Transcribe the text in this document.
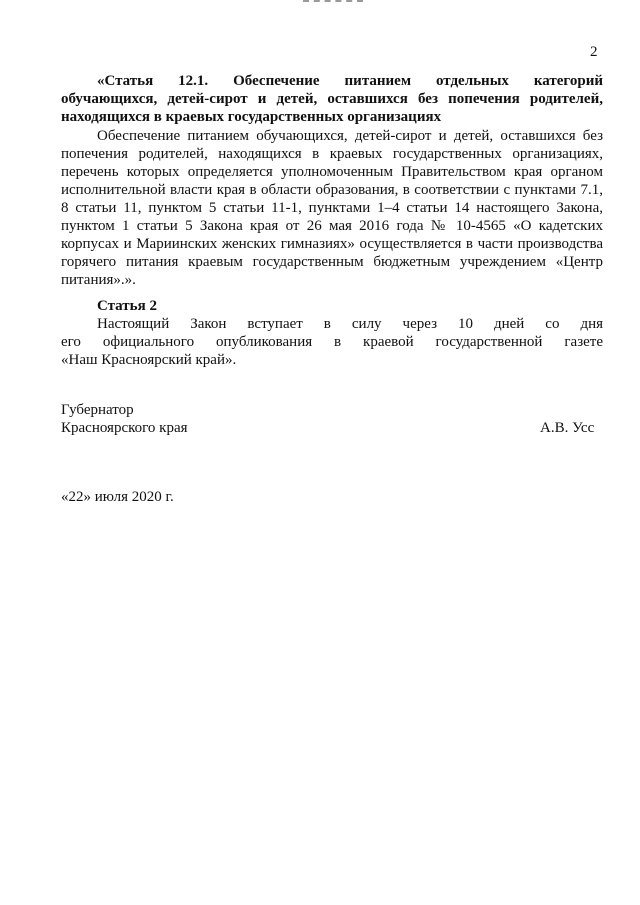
2
«Статья 12.1. Обеспечение питанием отдельных категорий
обучающихся, детей-сирот и детей, оставшихся без попечения родителей,
находящихся в краевых государственных организациях
Обеспечение питанием обучающихся, детей-сирот и детей, оставшихся без
попечения родителей, находящихся в краевых государственных организациях,
перечень которых определяется уполномоченным Правительством края органом
исполнительной власти края в области образования, в соответствии с пунктами 7.1,
8 статьи 11, пунктом 5 статьи 11-1, пунктами 1–4 статьи 14 настоящего Закона,
пунктом 1 статьи 5 Закона края от 26 мая 2016 года № 10-4565 «О кадетских
корпусах и Мариинских женских гимназиях» осуществляется в части производства
горячего питания краевым государственным бюджетным учреждением «Центр
питания».».
Статья 2
Настоящий Закон вступает в силу через 10 дней со дня
его официального опубликования в краевой государственной газете
«Наш Красноярский край».
Губернатор
Красноярского края	А.В. Усс
«22» июля 2020 г.
